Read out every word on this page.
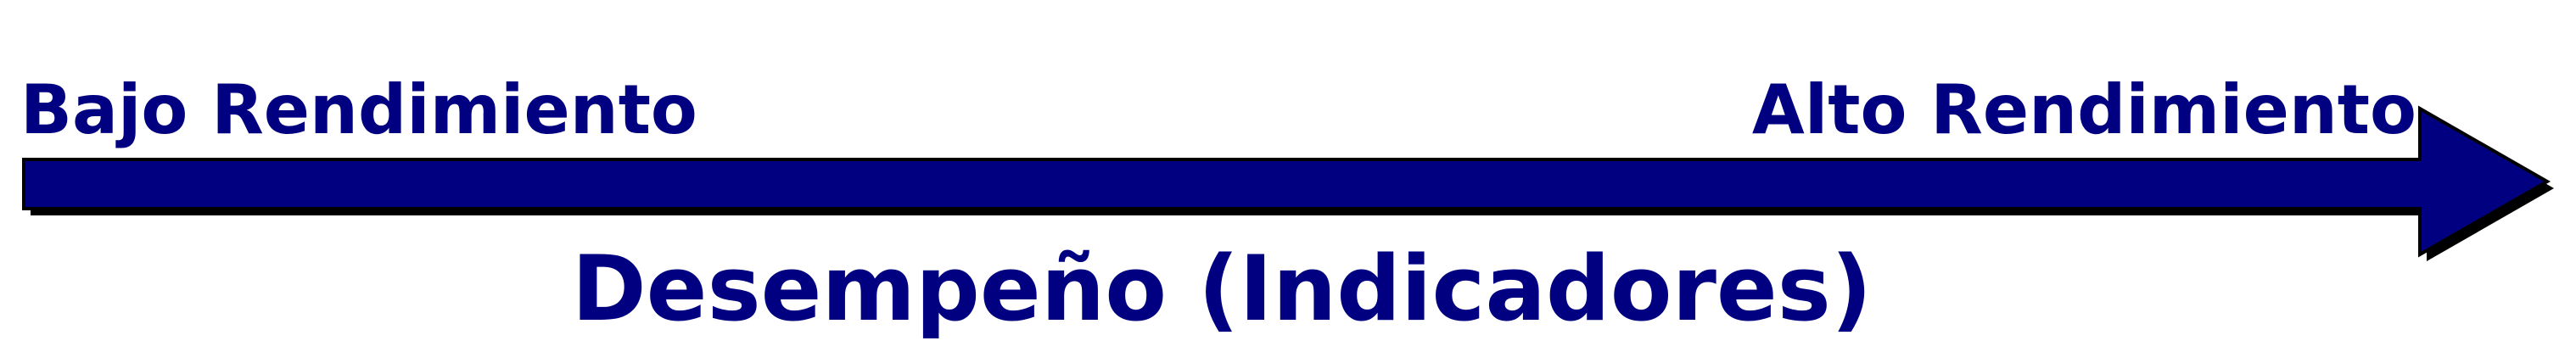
Bajo Rendimiento	Alto Rendimiento
Desempeño (Indicadores)
